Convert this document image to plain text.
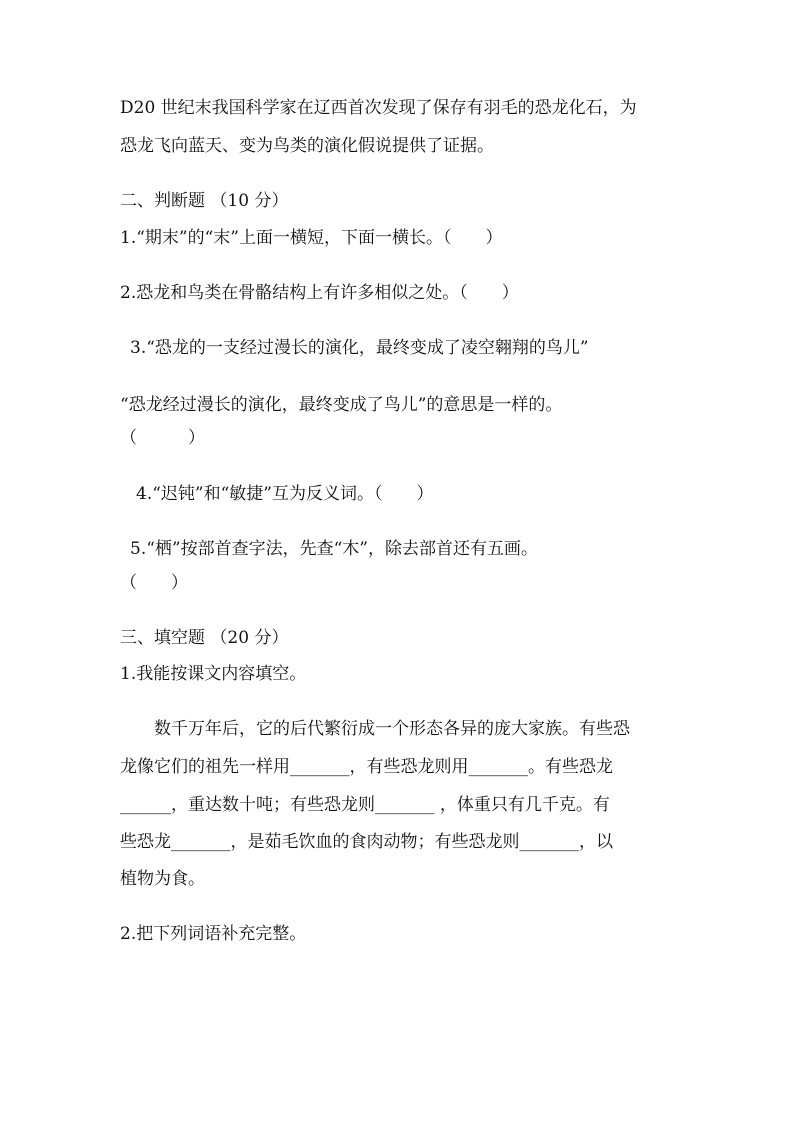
D20 世纪末我国科学家在辽西首次发现了保存有羽毛的恐龙化石，为
恐龙飞向蓝天、变为鸟类的演化假说提供了证据。
二、判断题 （10 分）
1.“期末”的“末”上面一横短，下面一横长。（　　）
2.恐龙和鸟类在骨骼结构上有许多相似之处。（　　）
3.“恐龙的一支经过漫长的演化，最终变成了凌空翱翔的鸟儿”
“恐龙经过漫长的演化，最终变成了鸟儿”的意思是一样的。
（　　　）
4.“迟钝”和“敏捷”互为反义词。（　　）
5.“栖”按部首查字法，先查“木”，除去部首还有五画。
（　　）
三、填空题 （20 分）
1.我能按课文内容填空。
　　数千万年后，它的后代繁衍成一个形态各异的庞大家族。有些恐
龙像它们的祖先一样用_______，有些恐龙则用_______。有些恐龙
______，重达数十吨；有些恐龙则_______ ，体重只有几千克。有
些恐龙_______，是茹毛饮血的食肉动物；有些恐龙则_______，以
植物为食。
2.把下列词语补充完整。
